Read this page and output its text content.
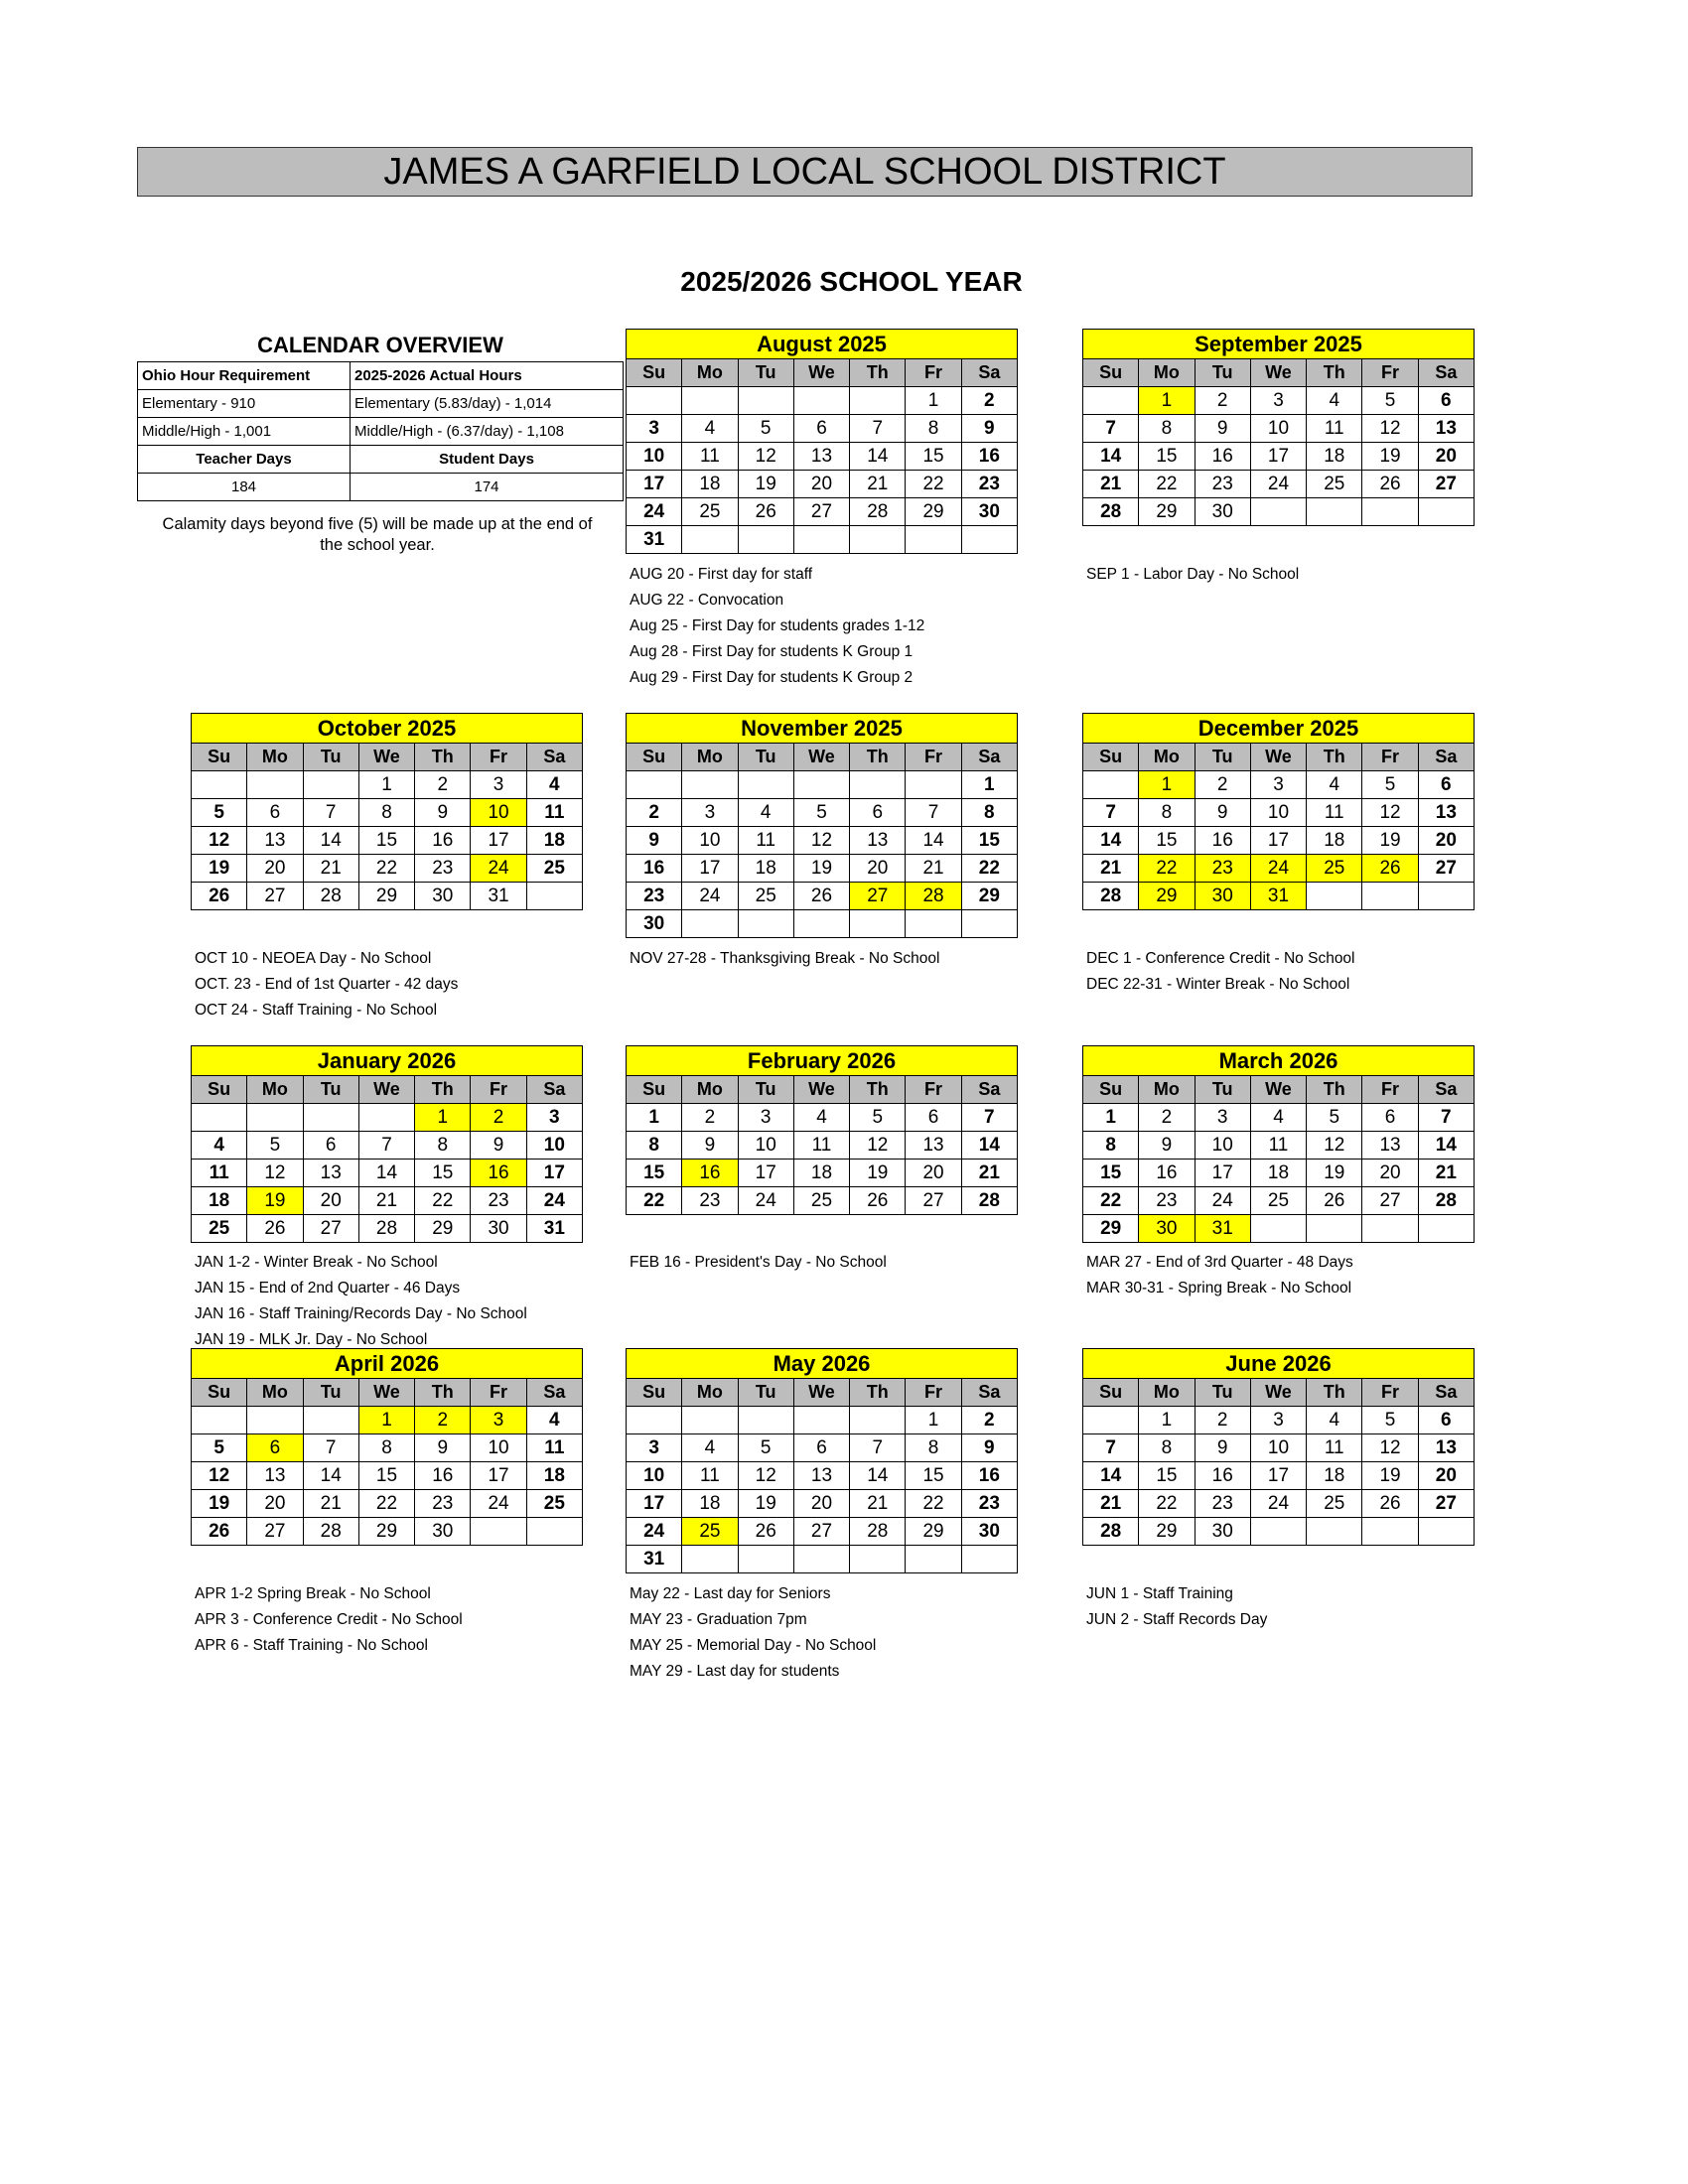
JAMES A GARFIELD LOCAL SCHOOL DISTRICT
2025/2026 SCHOOL YEAR
CALENDAR OVERVIEW
Ohio Hour Requirement	2025-2026 Actual Hours
Elementary - 910	Elementary (5.83/day) - 1,014
Middle/High - 1,001	Middle/High - (6.37/day) - 1,108
Teacher Days	Student Days
184	174
Calamity days beyond five (5) will be made up at the end of the school year.
August 2025
Su	Mo	Tu	We	Th	Fr	Sa
					1	2
3	4	5	6	7	8	9
10	11	12	13	14	15	16
17	18	19	20	21	22	23
24	25	26	27	28	29	30
31						
AUG 20 - First day for staff
AUG 22 - Convocation
Aug 25 - First Day for students grades 1-12
Aug 28 - First Day for students K Group 1
Aug 29 - First Day for students K Group 2
September 2025
Su	Mo	Tu	We	Th	Fr	Sa
	1	2	3	4	5	6
7	8	9	10	11	12	13
14	15	16	17	18	19	20
21	22	23	24	25	26	27
28	29	30				
SEP 1 - Labor Day - No School
October 2025
Su	Mo	Tu	We	Th	Fr	Sa
			1	2	3	4
5	6	7	8	9	10	11
12	13	14	15	16	17	18
19	20	21	22	23	24	25
26	27	28	29	30	31	
OCT 10 - NEOEA Day - No School
OCT. 23 - End of 1st Quarter - 42 days
OCT 24 - Staff Training - No School
November 2025
Su	Mo	Tu	We	Th	Fr	Sa
						1
2	3	4	5	6	7	8
9	10	11	12	13	14	15
16	17	18	19	20	21	22
23	24	25	26	27	28	29
30						
NOV 27-28 - Thanksgiving Break - No School
December 2025
Su	Mo	Tu	We	Th	Fr	Sa
	1	2	3	4	5	6
7	8	9	10	11	12	13
14	15	16	17	18	19	20
21	22	23	24	25	26	27
28	29	30	31			
DEC 1 - Conference Credit - No School
DEC 22-31 - Winter Break - No School
January 2026
Su	Mo	Tu	We	Th	Fr	Sa
				1	2	3
4	5	6	7	8	9	10
11	12	13	14	15	16	17
18	19	20	21	22	23	24
25	26	27	28	29	30	31
JAN 1-2 - Winter Break - No School
JAN 15 - End of 2nd Quarter - 46 Days
JAN 16 - Staff Training/Records Day - No School
JAN 19 - MLK Jr. Day - No School
February 2026
Su	Mo	Tu	We	Th	Fr	Sa
1	2	3	4	5	6	7
8	9	10	11	12	13	14
15	16	17	18	19	20	21
22	23	24	25	26	27	28
FEB 16 - President's Day - No School
March 2026
Su	Mo	Tu	We	Th	Fr	Sa
1	2	3	4	5	6	7
8	9	10	11	12	13	14
15	16	17	18	19	20	21
22	23	24	25	26	27	28
29	30	31				
MAR 27 - End of 3rd Quarter - 48 Days
MAR 30-31 - Spring Break - No School
April 2026
Su	Mo	Tu	We	Th	Fr	Sa
			1	2	3	4
5	6	7	8	9	10	11
12	13	14	15	16	17	18
19	20	21	22	23	24	25
26	27	28	29	30		
APR 1-2 Spring Break - No School
APR 3 - Conference Credit - No School
APR 6 - Staff Training - No School
May 2026
Su	Mo	Tu	We	Th	Fr	Sa
					1	2
3	4	5	6	7	8	9
10	11	12	13	14	15	16
17	18	19	20	21	22	23
24	25	26	27	28	29	30
31						
May 22 - Last day for Seniors
MAY 23 - Graduation 7pm
MAY 25 - Memorial Day - No School
MAY 29 - Last day for students
June 2026
Su	Mo	Tu	We	Th	Fr	Sa
	1	2	3	4	5	6
7	8	9	10	11	12	13
14	15	16	17	18	19	20
21	22	23	24	25	26	27
28	29	30				
JUN 1 - Staff Training
JUN 2 - Staff Records Day
